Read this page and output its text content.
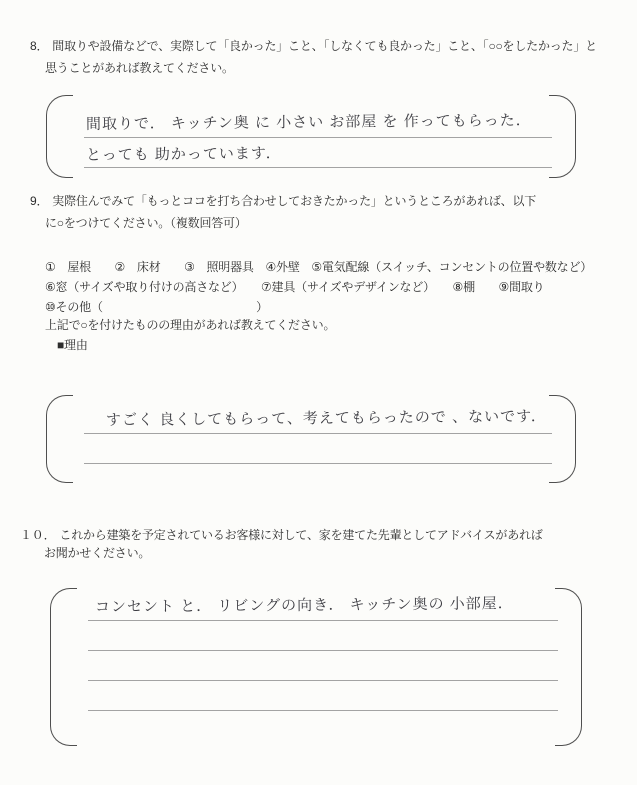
8． 間取りや設備などで、実際して「良かった」こと、「しなくても良かった」こと、「○○をしたかった」と
思うことがあれば教えてください。
間取りで． キッチン奥 に 小さい お部屋 を 作ってもらった．
とっても 助かっています．
9． 実際住んでみて「もっとココを打ち合わせしておきたかった」というところがあれば、以下
に○をつけてください。（複数回答可）
①　屋根　　②　床材　　③　照明器具　④外壁　⑤電気配線（スイッチ、コンセントの位置や数など）
⑥窓（サイズや取り付けの高さなど）　　⑦建具（サイズやデザインなど）　　⑧棚　　⑨間取り
⑩その他（　　　　　　　　　　　　　）
上記で○を付けたものの理由があれば教えてください。
■理由
すごく 良くしてもらって、考えてもらったので 、ないです．
１０． これから建築を予定されているお客様に対して、家を建てた先輩としてアドバイスがあれば
お聞かせください。
コンセント と． リビングの向き． キッチン奥の 小部屋．
